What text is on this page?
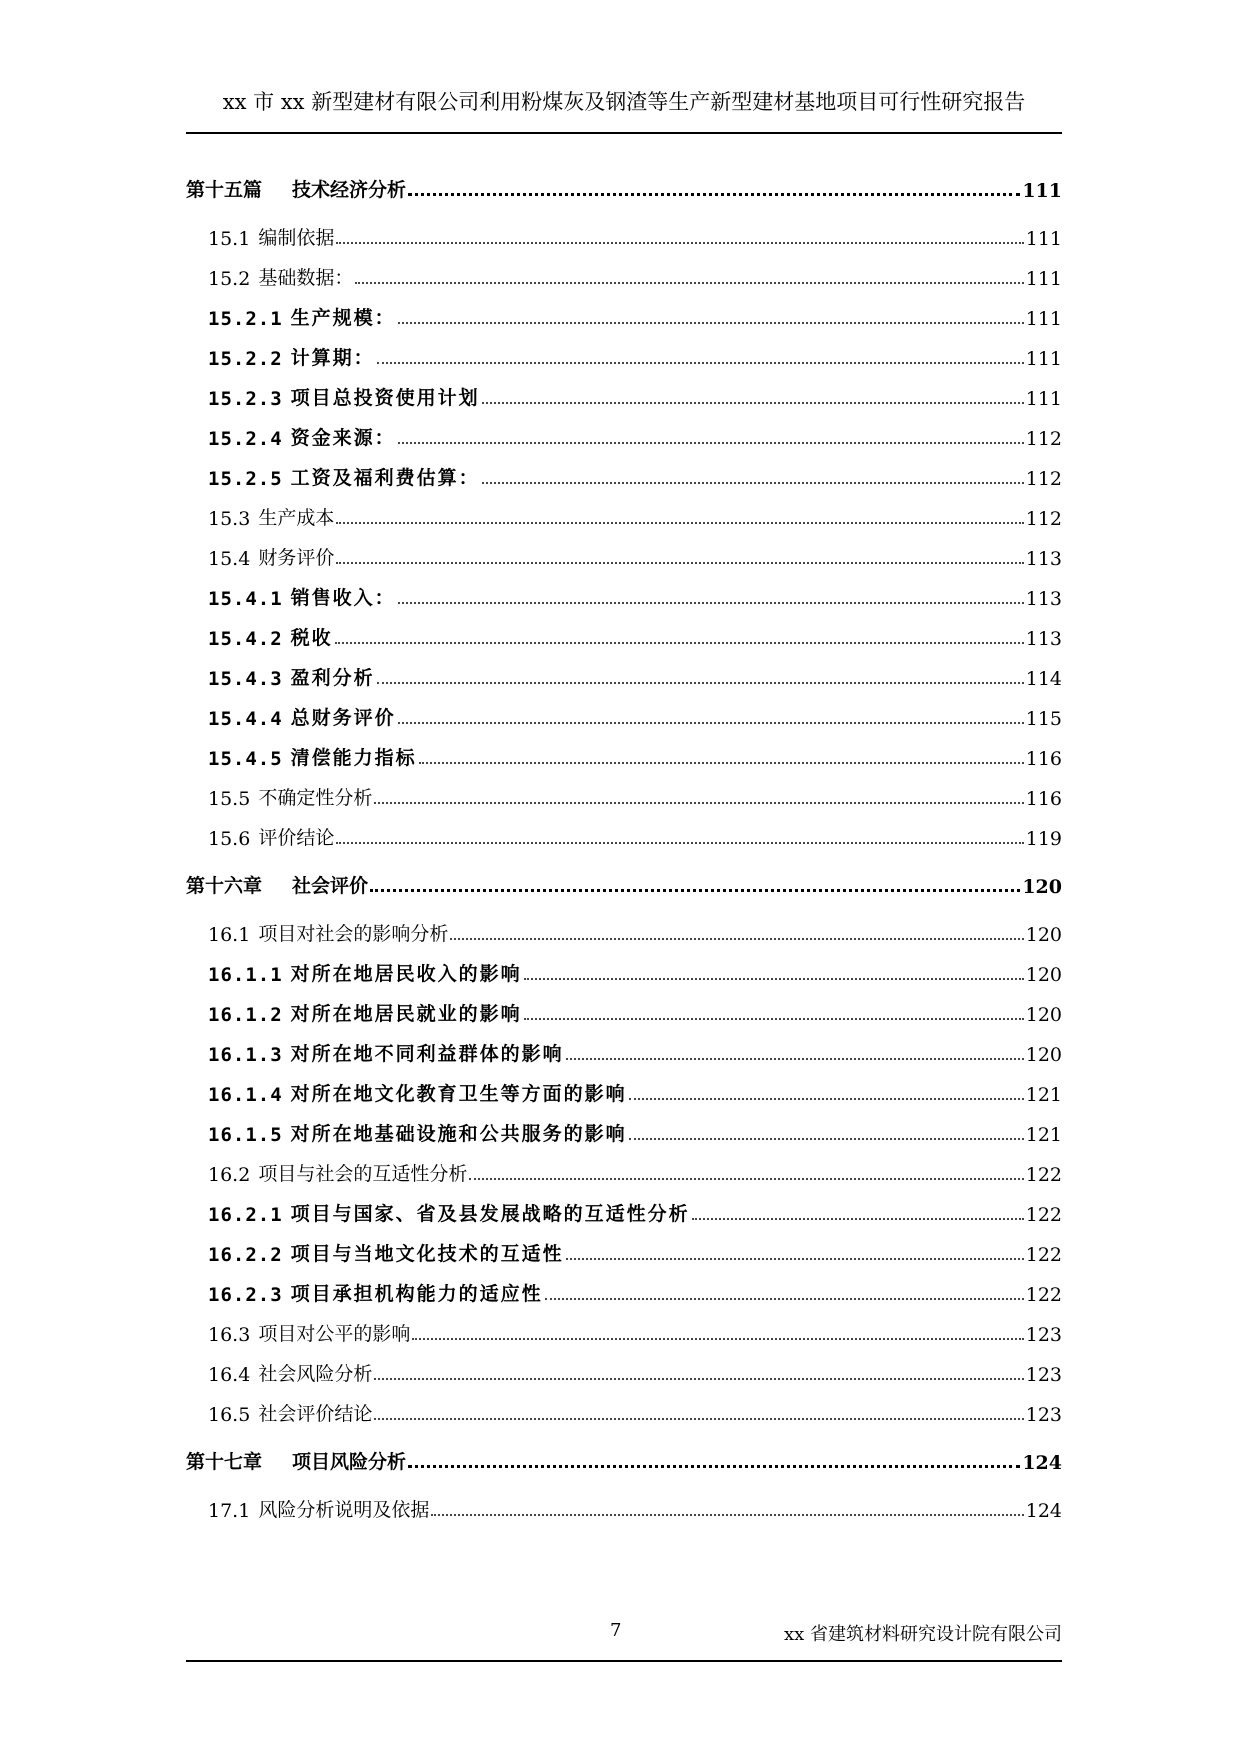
xx 市 xx 新型建材有限公司利用粉煤灰及钢渣等生产新型建材基地项目可行性研究报告
第十五篇 技术经济分析	111
15.1 编制依据	111
15.2 基础数据：	111
15.2.1 生产规模：	111
15.2.2 计算期：	111
15.2.3 项目总投资使用计划	111
15.2.4 资金来源：	112
15.2.5 工资及福利费估算：	112
15.3 生产成本	112
15.4 财务评价	113
15.4.1 销售收入：	113
15.4.2 税收	113
15.4.3 盈利分析	114
15.4.4 总财务评价	115
15.4.5 清偿能力指标	116
15.5 不确定性分析	116
15.6 评价结论	119
第十六章 社会评价	120
16.1 项目对社会的影响分析	120
16.1.1 对所在地居民收入的影响	120
16.1.2 对所在地居民就业的影响	120
16.1.3 对所在地不同利益群体的影响	120
16.1.4 对所在地文化教育卫生等方面的影响	121
16.1.5 对所在地基础设施和公共服务的影响	121
16.2 项目与社会的互适性分析	122
16.2.1 项目与国家、省及县发展战略的互适性分析	122
16.2.2 项目与当地文化技术的互适性	122
16.2.3 项目承担机构能力的适应性	122
16.3 项目对公平的影响	123
16.4 社会风险分析	123
16.5 社会评价结论	123
第十七章 项目风险分析	124
17.1 风险分析说明及依据	124
7	xx 省建筑材料研究设计院有限公司
